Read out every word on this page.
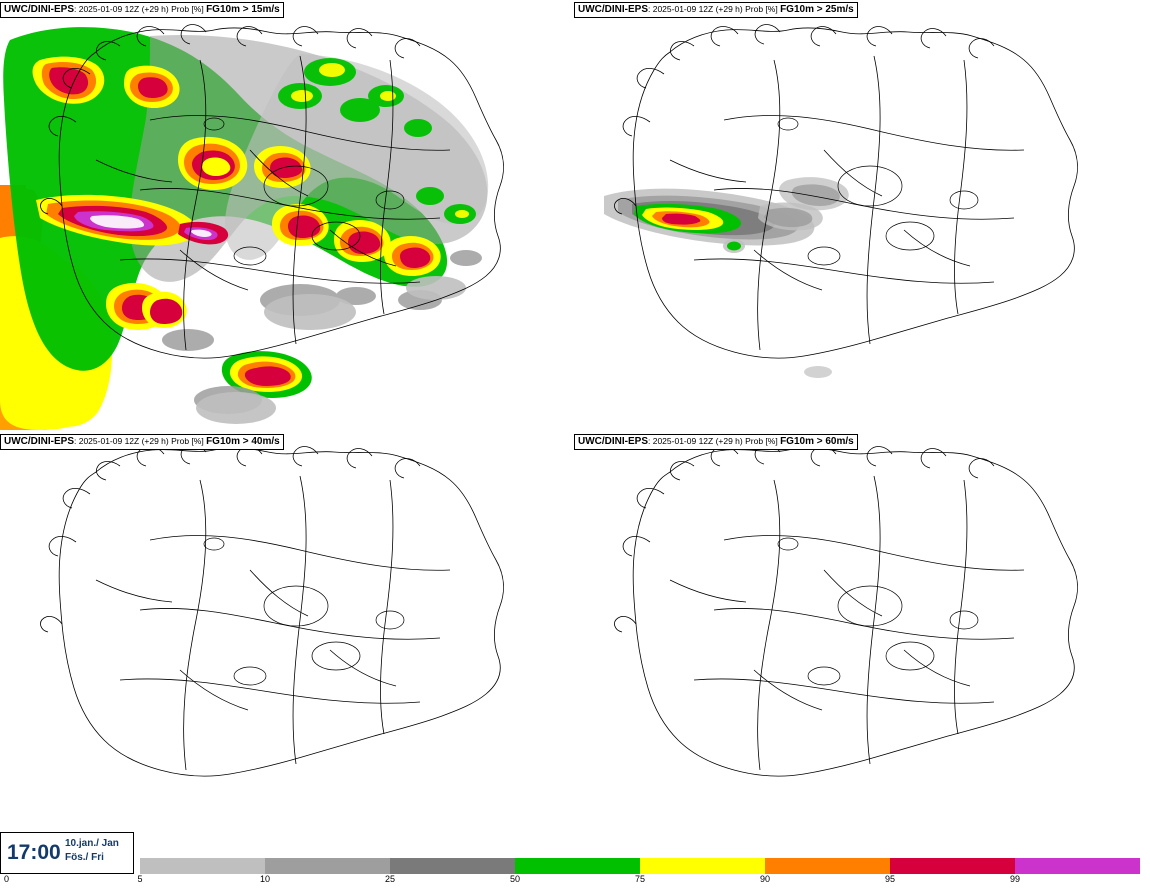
UWC/DINI-EPS: 2025-01-09 12Z (+29 h) Prob [%] FG10m > 15m/s	UWC/DINI-EPS: 2025-01-09 12Z (+29 h) Prob [%] FG10m > 25m/s
UWC/DINI-EPS: 2025-01-09 12Z (+29 h) Prob [%] FG10m > 40m/s	UWC/DINI-EPS: 2025-01-09 12Z (+29 h) Prob [%] FG10m > 60m/s
17:00 10.jan./ Jan
Fös./ Fri
0	5	10	25	50	75	90	95	99
